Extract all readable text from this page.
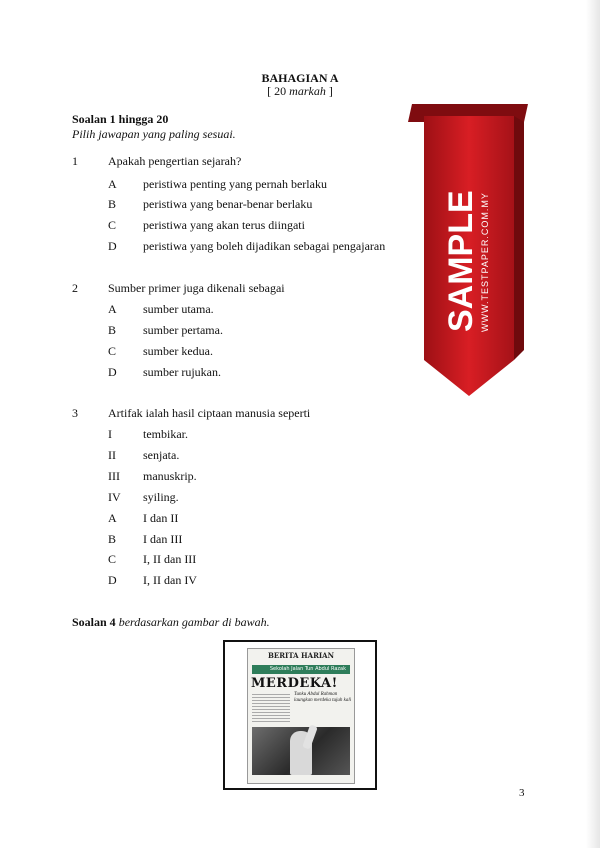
BAHAGIAN A
[ 20 markah ]
Soalan 1 hingga 20
Pilih jawapan yang paling sesuai.
1	Apakah pengertian sejarah?
A peristiwa penting yang pernah berlaku
B peristiwa yang benar-benar berlaku
C peristiwa yang akan terus diingati
D peristiwa yang boleh dijadikan sebagai pengajaran
2	Sumber primer juga dikenali sebagai
A sumber utama.
B sumber pertama.
C sumber kedua.
D sumber rujukan.
3	Artifak ialah hasil ciptaan manusia seperti
I	tembikar.
II senjata.
III manuskrip.
IV syiling.
A I dan II
B I dan III
C I, II dan III
D I, II dan IV
Soalan 4 berdasarkan gambar di bawah.
BERITA HARIAN
Sekolah Jalan Tun Abdul Razak
MERDEKA!
Tunku Abdul Rahman laungkan merdeka tujuh kali
SAMPLE WWW.TESTPAPER.COM.MY
3
